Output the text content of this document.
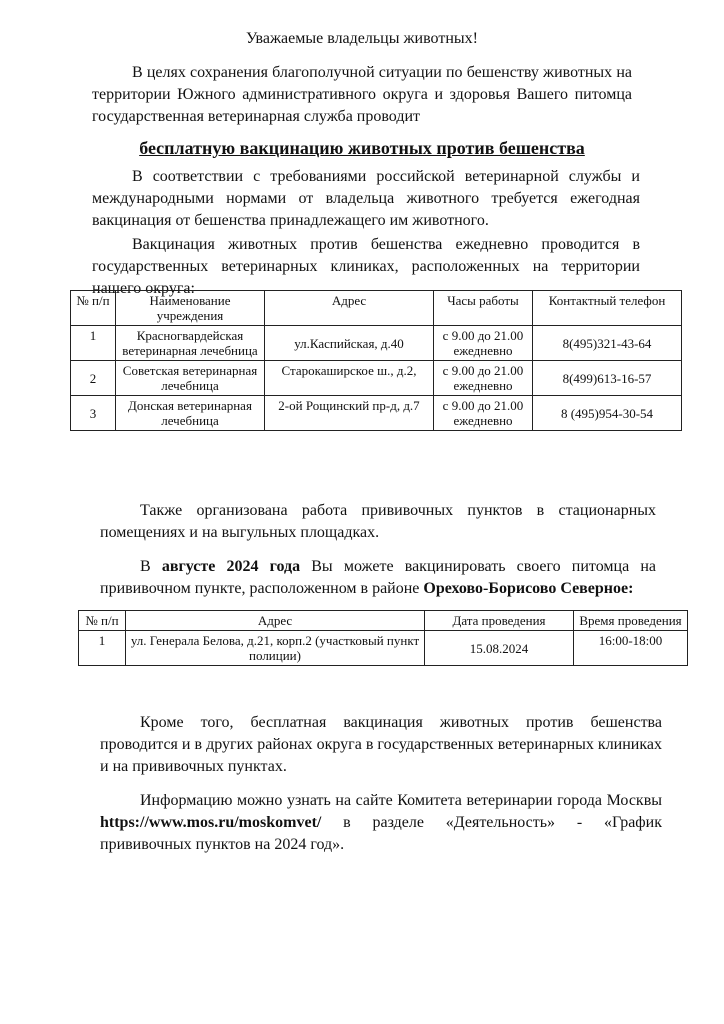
Уважаемые владельцы животных!
В целях сохранения благополучной ситуации по бешенству животных на территории Южного административного округа и здоровья Вашего питомца государственная ветеринарная служба проводит
бесплатную вакцинацию животных против бешенства
В соответствии с требованиями российской ветеринарной службы и международными нормами от владельца животного требуется ежегодная вакцинация от бешенства принадлежащего им животного.
Вакцинация животных против бешенства ежедневно проводится в государственных ветеринарных клиниках, расположенных на территории нашего округа:
№ п/п	Наименование учреждения	Адрес	Часы работы	Контактный телефон
1	Красногвардейская ветеринарная лечебница	ул.Каспийская, д.40	с 9.00 до 21.00 ежедневно	8(495)321-43-64
2	Советская ветеринарная лечебница	Старокаширское ш., д.2,	с 9.00 до 21.00 ежедневно	8(499)613-16-57
3	Донская ветеринарная лечебница	2-ой Рощинский пр-д, д.7	с 9.00 до 21.00 ежедневно	8 (495)954-30-54
Также организована работа прививочных пунктов в стационарных помещениях и на выгульных площадках.
В августе 2024 года Вы можете вакцинировать своего питомца на прививочном пункте, расположенном в районе Орехово-Борисово Северное:
№ п/п	Адрес	Дата проведения	Время проведения
1	ул. Генерала Белова, д.21, корп.2 (участковый пункт полиции)	15.08.2024	16:00-18:00
Кроме того, бесплатная вакцинация животных против бешенства проводится и в других районах округа в государственных ветеринарных клиниках и на прививочных пунктах.
Информацию можно узнать на сайте Комитета ветеринарии города Москвы https://www.mos.ru/moskomvet/ в разделе «Деятельность» - «График прививочных пунктов на 2024 год».
